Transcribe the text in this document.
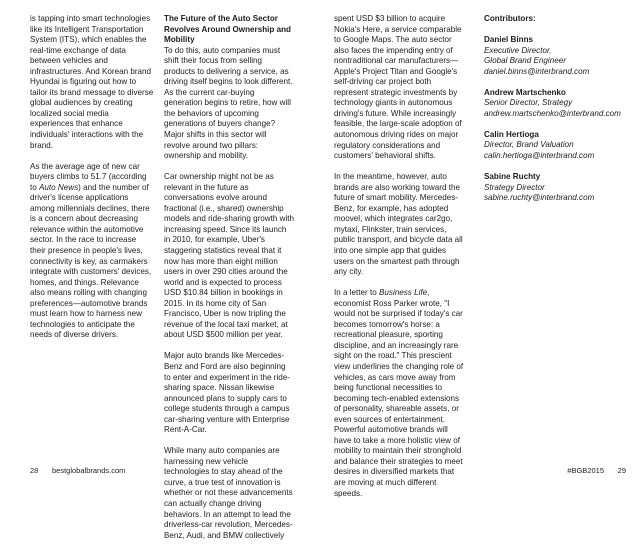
is tapping into smart technologies like its Intelligent Transportation System (ITS), which enables the real-time exchange of data between vehicles and infrastructures. And Korean brand Hyundai is figuring out how to tailor its brand message to diverse global audiences by creating localized social media experiences that enhance individuals' interactions with the brand.

As the average age of new car buyers climbs to 51.7 (according to Auto News) and the number of driver's license applications among millennials declines, there is a concern about decreasing relevance within the automotive sector. In the race to increase their presence in people's lives, connectivity is key, as carmakers integrate with customers' devices, homes, and things. Relevance also means rolling with changing preferences—automotive brands must learn how to harness new technologies to anticipate the needs of diverse drivers.

The Future of the Auto Sector Revolves Around Ownership and Mobility

To do this, auto companies must shift their focus from selling products to delivering a service, as driving itself begins to look different. As the current car-buying generation begins to retire, how will the behaviors of upcoming generations of buyers change? Major shifts in this sector will revolve around two pillars: ownership and mobility.

Car ownership might not be as relevant in the future as conversations evolve around fractional (i.e., shared) ownership models and ride-sharing growth with increasing speed. Since its launch in 2010, for example, Uber's staggering statistics reveal that it now has more than eight million users in over 290 cities around the world and is expected to process USD $10.84 billion in bookings in 2015. In its home city of San Francisco, Uber is now tripling the revenue of the local taxi market, at about USD $500 million per year.

Major auto brands like Mercedes-Benz and Ford are also beginning to enter and experiment in the ride-sharing space. Nissan likewise announced plans to supply cars to college students through a campus car-sharing venture with Enterprise Rent-A-Car.

While many auto companies are harnessing new vehicle technologies to stay ahead of the curve, a true test of innovation is whether or not these advancements can actually change driving behaviors. In an attempt to lead the driverless-car revolution, Mercedes-Benz, Audi, and BMW collectively

spent USD $3 billion to acquire Nokia's Here, a service comparable to Google Maps. The auto sector also faces the impending entry of nontraditional car manufacturers—Apple's Project Titan and Google's self-driving car project both represent strategic investments by technology giants in autonomous driving's future. While increasingly feasible, the large-scale adoption of autonomous driving rides on major regulatory considerations and customers' behavioral shifts.

In the meantime, however, auto brands are also working toward the future of smart mobility. Mercedes-Benz, for example, has adopted moovel, which integrates car2go, mytaxi, Flinkster, train services, public transport, and bicycle data all into one simple app that guides users on the smartest path through any city.

In a letter to Business Life, economist Ross Parker wrote, "I would not be surprised if today's car becomes tomorrow's horse: a recreational pleasure, sporting discipline, and an increasingly rare sight on the road." This prescient view underlines the changing role of vehicles, as cars move away from being functional necessities to becoming tech-enabled extensions of personality, shareable assets, or even sources of entertainment. Powerful automotive brands will have to take a more holistic view of mobility to maintain their stronghold and balance their strategies to meet desires in diversified markets that are moving at much different speeds.

Contributors:
Daniel Binns
Executive Director,
Global Brand Engineer
daniel.binns@interbrand.com
Andrew Martschenko
Senior Director, Strategy
andrew.martschenko@interbrand.com
Calin Hertioga
Director, Brand Valuation
calin.hertioga@interbrand.com
Sabine Ruchty
Strategy Director
sabine.ruchty@interbrand.com
28 bestglobalbrands.com	#BGB2015 29
